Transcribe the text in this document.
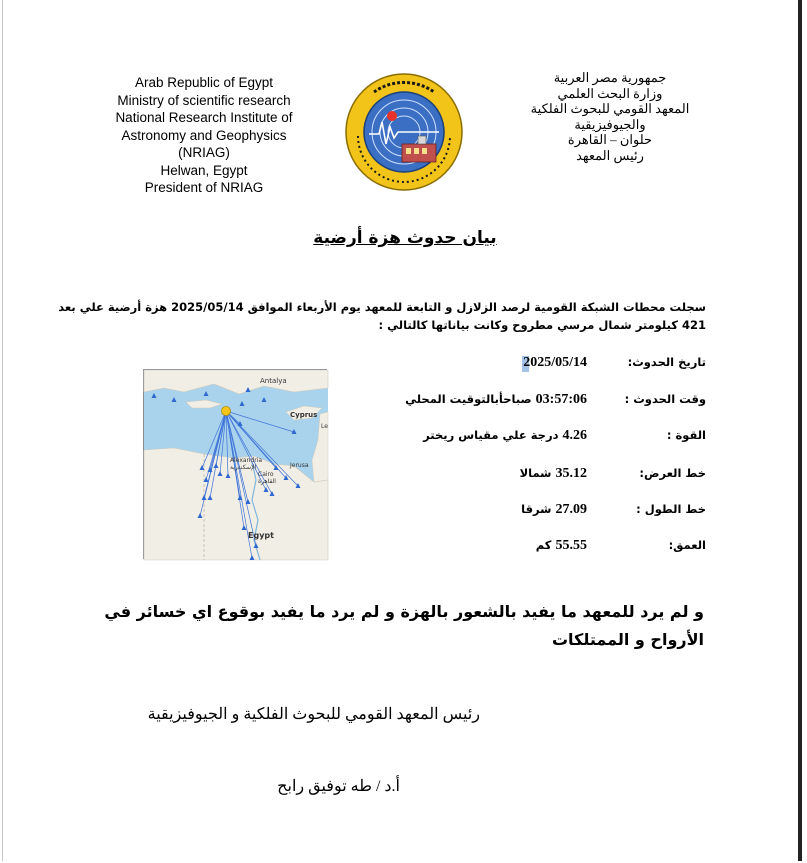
Arab Republic of Egypt
Ministry of scientific research
National Research Institute of
Astronomy and Geophysics
(NRIAG)
Helwan, Egypt
President of NRIAG
جمهورية مصر العربية
وزارة البحث العلمي
المعهد القومي للبحوث الفلكية
والجيوفيزيقية
حلوان – القاهرة
رئيس المعهد
بيان حدوث هزة أرضية
سجلت محطات الشبكة القومية لرصد الزلازل و التابعة للمعهد يوم الأربعاء الموافق 2025/05/14 هزة أرضية علي بعد
421 كيلومتر شمال مرسي مطروح وكانت بياناتها كالتالي :
تاريخ الحدوث:
2025/05/14
وقت الحدوث :
03:57:06 صباحأبالتوقيت المحلي
القوة :
4.26 درجة علي مقياس ريختر
خط العرض:
35.12 شمالا
خط الطول :
27.09 شرقا
العمق:
55.55 كم
Antalya
Cyprus
Le
Alexandria
الإسكندرية	Jerusa
Cairo
القاهرة
Egypt
و لم يرد للمعهد ما يفيد بالشعور بالهزة و لم يرد ما يفيد بوقوع اي خسائر في
الأرواح و الممتلكات
رئيس المعهد القومي للبحوث الفلكية و الجيوفيزيقية
أ.د / طه توفيق رابح
